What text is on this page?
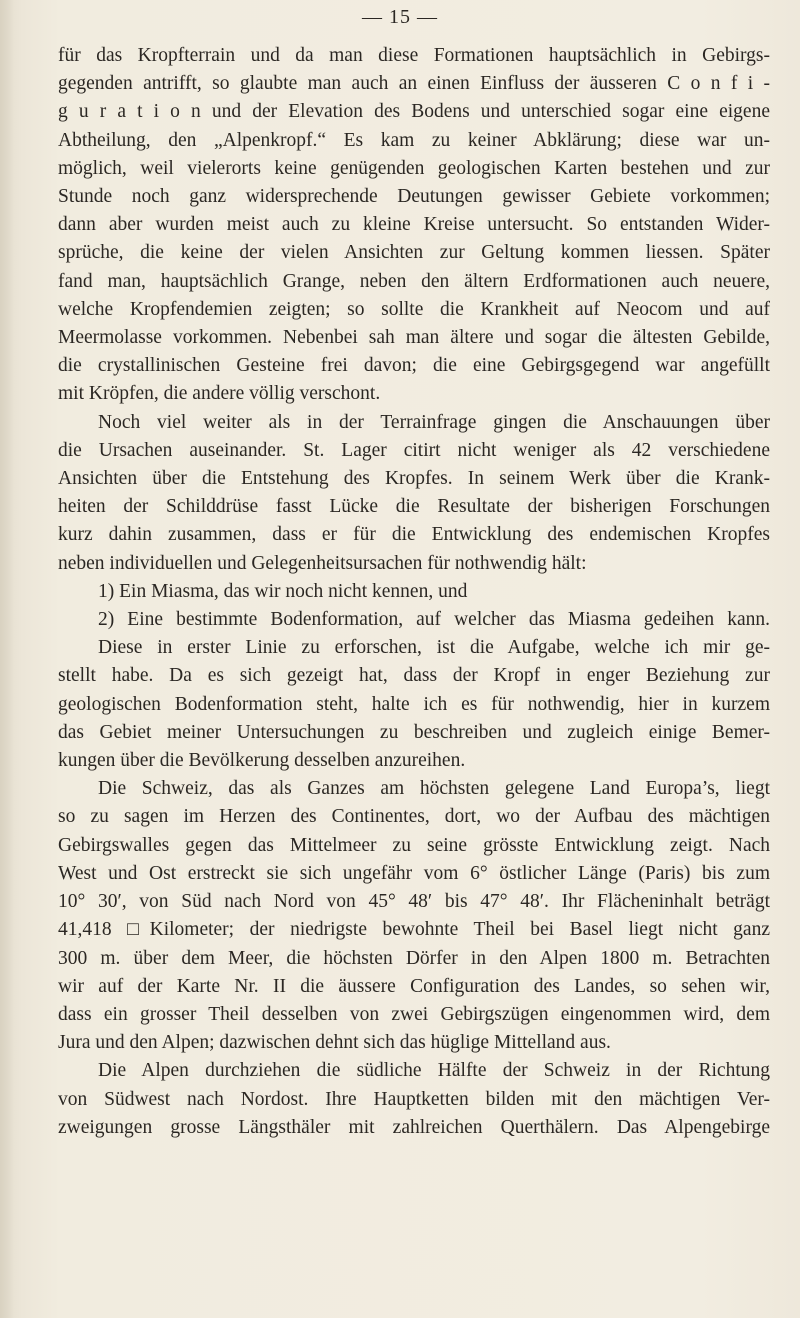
— 15 —
für das Kropfterrain und da man diese Formationen hauptsächlich in Gebirgs-
gegenden antrifft, so glaubte man auch an einen Einfluss der äusseren C o n f i -
g u r a t i o n und der Elevation des Bodens und unterschied sogar eine eigene
Abtheilung, den „Alpenkropf.“ Es kam zu keiner Abklärung; diese war un-
möglich, weil vielerorts keine genügenden geologischen Karten bestehen und zur
Stunde noch ganz widersprechende Deutungen gewisser Gebiete vorkommen;
dann aber wurden meist auch zu kleine Kreise untersucht. So entstanden Wider-
sprüche, die keine der vielen Ansichten zur Geltung kommen liessen. Später
fand man, hauptsächlich Grange, neben den ältern Erdformationen auch neuere,
welche Kropfendemien zeigten; so sollte die Krankheit auf Neocom und auf
Meermolasse vorkommen. Nebenbei sah man ältere und sogar die ältesten Gebilde,
die crystallinischen Gesteine frei davon; die eine Gebirgsgegend war angefüllt
mit Kröpfen, die andere völlig verschont.
Noch viel weiter als in der Terrainfrage gingen die Anschauungen über
die Ursachen auseinander. St. Lager citirt nicht weniger als 42 verschiedene
Ansichten über die Entstehung des Kropfes. In seinem Werk über die Krank-
heiten der Schilddrüse fasst Lücke die Resultate der bisherigen Forschungen
kurz dahin zusammen, dass er für die Entwicklung des endemischen Kropfes
neben individuellen und Gelegenheitsursachen für nothwendig hält:
1) Ein Miasma, das wir noch nicht kennen, und
2) Eine bestimmte Bodenformation, auf welcher das Miasma gedeihen kann.
Diese in erster Linie zu erforschen, ist die Aufgabe, welche ich mir ge-
stellt habe. Da es sich gezeigt hat, dass der Kropf in enger Beziehung zur
geologischen Bodenformation steht, halte ich es für nothwendig, hier in kurzem
das Gebiet meiner Untersuchungen zu beschreiben und zugleich einige Bemer-
kungen über die Bevölkerung desselben anzureihen.
Die Schweiz, das als Ganzes am höchsten gelegene Land Europa’s, liegt
so zu sagen im Herzen des Continentes, dort, wo der Aufbau des mächtigen
Gebirgswalles gegen das Mittelmeer zu seine grösste Entwicklung zeigt. Nach
West und Ost erstreckt sie sich ungefähr vom 6° östlicher Länge (Paris) bis zum
10° 30′, von Süd nach Nord von 45° 48′ bis 47° 48′. Ihr Flächeninhalt beträgt
41,418 □Kilometer; der niedrigste bewohnte Theil bei Basel liegt nicht ganz
300 m. über dem Meer, die höchsten Dörfer in den Alpen 1800 m. Betrachten
wir auf der Karte Nr. II die äussere Configuration des Landes, so sehen wir,
dass ein grosser Theil desselben von zwei Gebirgszügen eingenommen wird, dem
Jura und den Alpen; dazwischen dehnt sich das hüglige Mittelland aus.
Die Alpen durchziehen die südliche Hälfte der Schweiz in der Richtung
von Südwest nach Nordost. Ihre Hauptketten bilden mit den mächtigen Ver-
zweigungen grosse Längsthäler mit zahlreichen Querthälern. Das Alpengebirge
